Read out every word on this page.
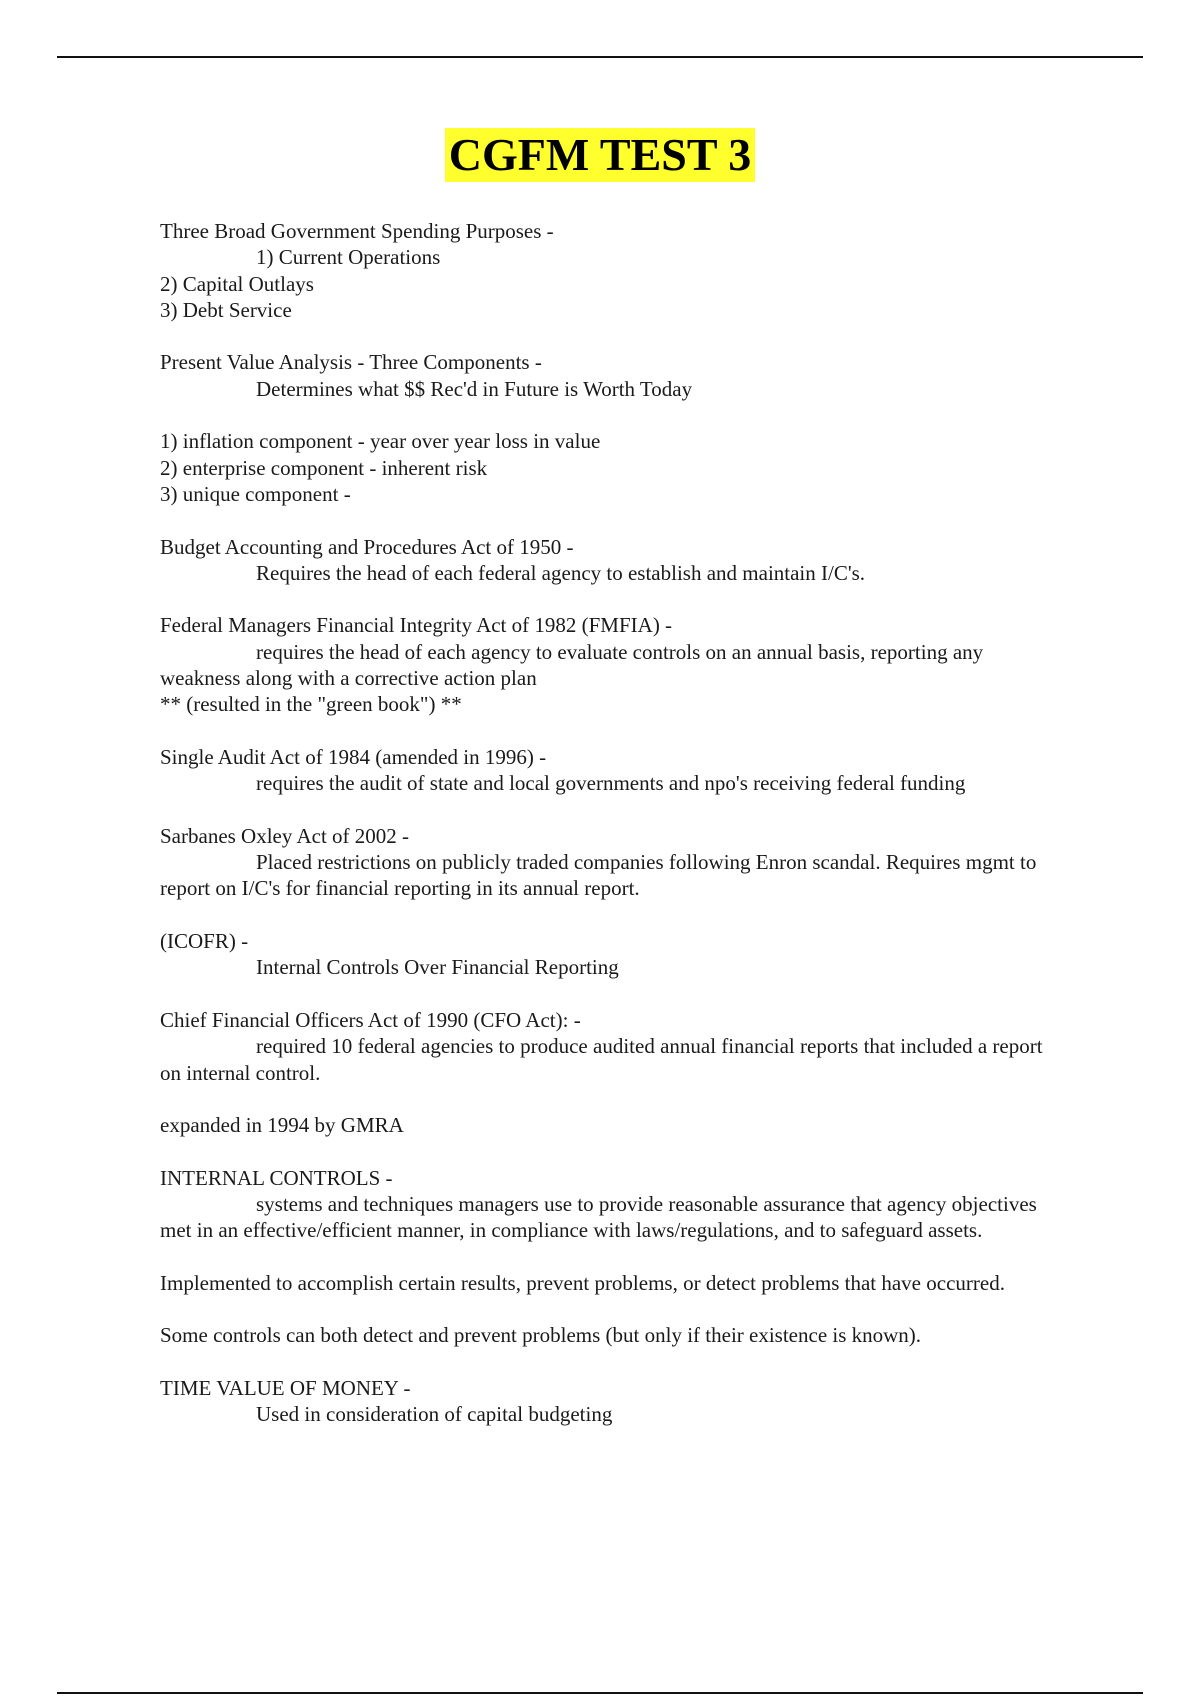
CGFM TEST 3

Three Broad Government Spending Purposes -

1) Current Operations

2) Capital Outlays

3) Debt Service

Present Value Analysis - Three Components -

Determines what $$ Rec'd in Future is Worth Today

1) inflation component - year over year loss in value

2) enterprise component - inherent risk

3) unique component -

Budget Accounting and Procedures Act of 1950 -

Requires the head of each federal agency to establish and maintain I/C's.

Federal Managers Financial Integrity Act of 1982 (FMFIA) -

requires the head of each agency to evaluate controls on an annual basis, reporting any weakness along with a corrective action plan

** (resulted in the "green book") **

Single Audit Act of 1984 (amended in 1996) -

requires the audit of state and local governments and npo's receiving federal funding

Sarbanes Oxley Act of 2002 -

Placed restrictions on publicly traded companies following Enron scandal. Requires mgmt to report on I/C's for financial reporting in its annual report.

(ICOFR) -

Internal Controls Over Financial Reporting

Chief Financial Officers Act of 1990 (CFO Act): -

required 10 federal agencies to produce audited annual financial reports that included a report on internal control.

expanded in 1994 by GMRA

INTERNAL CONTROLS -

systems and techniques managers use to provide reasonable assurance that agency objectives met in an effective/efficient manner, in compliance with laws/regulations, and to safeguard assets.

Implemented to accomplish certain results, prevent problems, or detect problems that have occurred.

Some controls can both detect and prevent problems (but only if their existence is known).

TIME VALUE OF MONEY -

Used in consideration of capital budgeting
